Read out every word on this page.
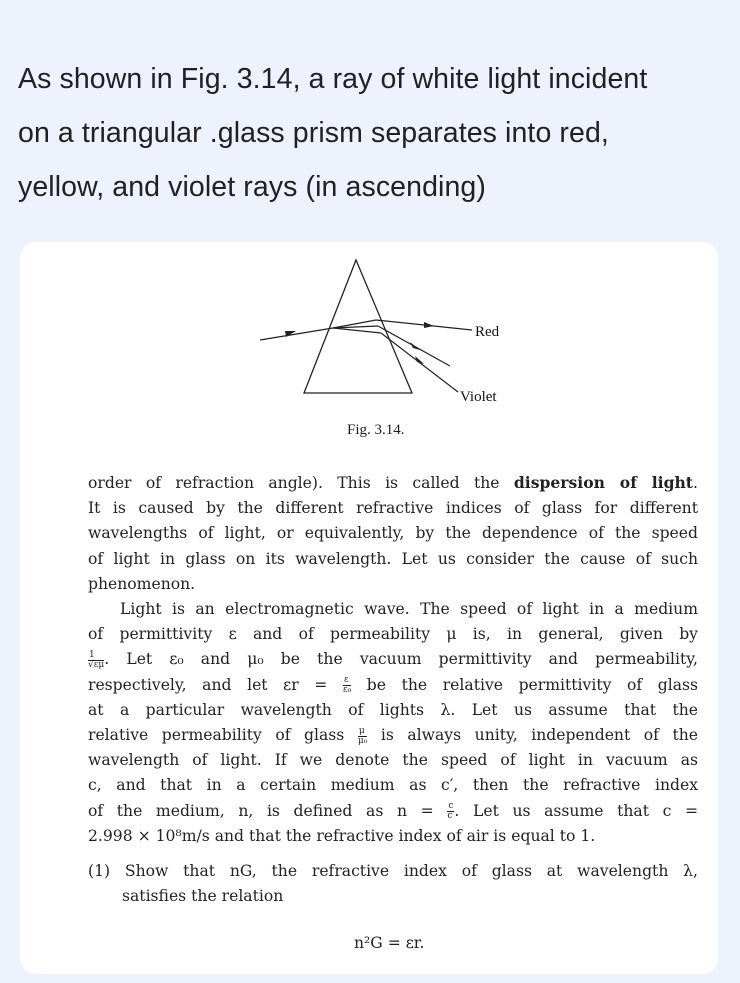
As shown in Fig. 3.14, a ray of white light incident
on a triangular .glass prism separates into red,
yellow, and violet rays (in ascending)
Red
Violet
Fig. 3.14.
order of refraction angle). This is called the dispersion of light.
It is caused by the different refractive indices of glass for different
wavelengths of light, or equivalently, by the dependence of the speed
of light in glass on its wavelength. Let us consider the cause of such
phenomenon.
Light is an electromagnetic wave. The speed of light in a medium
of permittivity ε and of permeability μ is, in general, given by
$\frac{1}{√\varepsilon\mu}$ . Let ε₀ and μ₀ be the vacuum permittivity and permeability,
respectively, and let $\varepsilon r = \frac{\varepsilon}{\text{ε₀}}$ be the relative permittivity of glass
at a particular wavelength of lights λ. Let us assume that the
relative permeability of glass $\frac{\mu}{\text{μ₀}}$ is always unity, independent of the
wavelength of light. If we denote the speed of light in vacuum as
c, and that in a certain medium as c′, then the refractive index
of the medium, n, is defined as $n = \frac{c}{c'}$ . Let us assume that c =
2.998 × 10⁸m/s and that the refractive index of air is equal to 1.
(1) Show that nG, the refractive index of glass at wavelength λ,
satisfies the relation
n²G = εr.
